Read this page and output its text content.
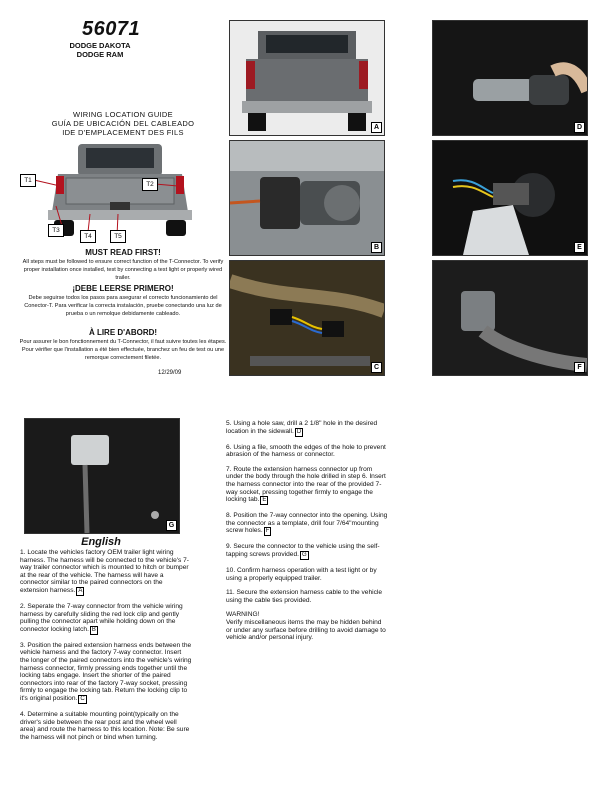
56071
DODGE DAKOTA
DODGE RAM
WIRING LOCATION GUIDE
GUÍA DE UBICACIÓN DEL CABLEADO
IDE D'EMPLACEMENT DES FILS
T1
T2
T3
T4	T5
MUST READ FIRST!
All steps must be followed to ensure correct function of the T-Connector. To verify proper installation once installed, test by connecting a test light or properly wired trailer.
¡DEBE LEERSE PRIMERO!
Debe seguirse todos los pasos para asegurar el correcto funcionamiento del Conector-T. Para verificar la correcta instalación, pruebe conectando una luz de prueba o un remolque debidamente cableado.
À LIRE D'ABORD!
Pour assurer le bon fonctionnement du T-Connector, il faut suivre toutes les étapes. Pour vérifier que l'installation a été bien effectuée, branchez un feu de test ou une remorque correctement filetée.
12/29/09
A
B
C
D
E
F
G
English

1. Locate the vehicles factory OEM trailer light wiring harness. The harness will be connected to the vehicle's 7-way trailer connector which is mounted to hitch or bumper at the rear of the vehicle. The harness will have a connector similar to the paired connectors on the extension harness. A

2. Seperate the 7-way connector from the vehicle wiring harness by carefully sliding the red lock clip and gently pulling the connector apart while holding down on the connector locking latch. B

3. Position the paired extension harness ends between the vehicle harness and the factory 7-way connector. Insert the longer of the paired connectors into the vehicle's wiring harness connector, firmly pressing ends together until the locking tabs engage. Insert the shorter of the paired connectors into rear of the factory 7-way socket, pressing firmly to engage the locking tab. Return the locking clip to it's original position. C

4. Determine a suitable mounting point(typically on the driver's side between the rear post and the wheel well area) and route the harness to this location. Note: Be sure the harness will not pinch or bind when turning.

5. Using a hole saw, drill a 2 1/8" hole in the desired location in the sidewall. D

6. Using a file, smooth the edges of the hole to prevent abrasion of the harness or connector.

7. Route the extension harness connector up from under the body through the hole drilled in step 6. Insert the harness connector into the rear of the provided 7-way socket, pressing together firmly to engage the locking tab. E

8. Position the 7-way connector into the opening. Using the connector as a template, drill four 7/64"mounting screw holes. F

9. Secure the connector to the vehicle using the self-tapping screws provided. G

10. Confirm harness operation with a test light or by using a properly equipped trailer.

11. Secure the extension harness cable to the vehicle using the cable ties provided.

WARNING!
Verify miscellaneous items the may be hidden behind or under any surface before drilling to avoid damage to vehicle and/or personal injury.
